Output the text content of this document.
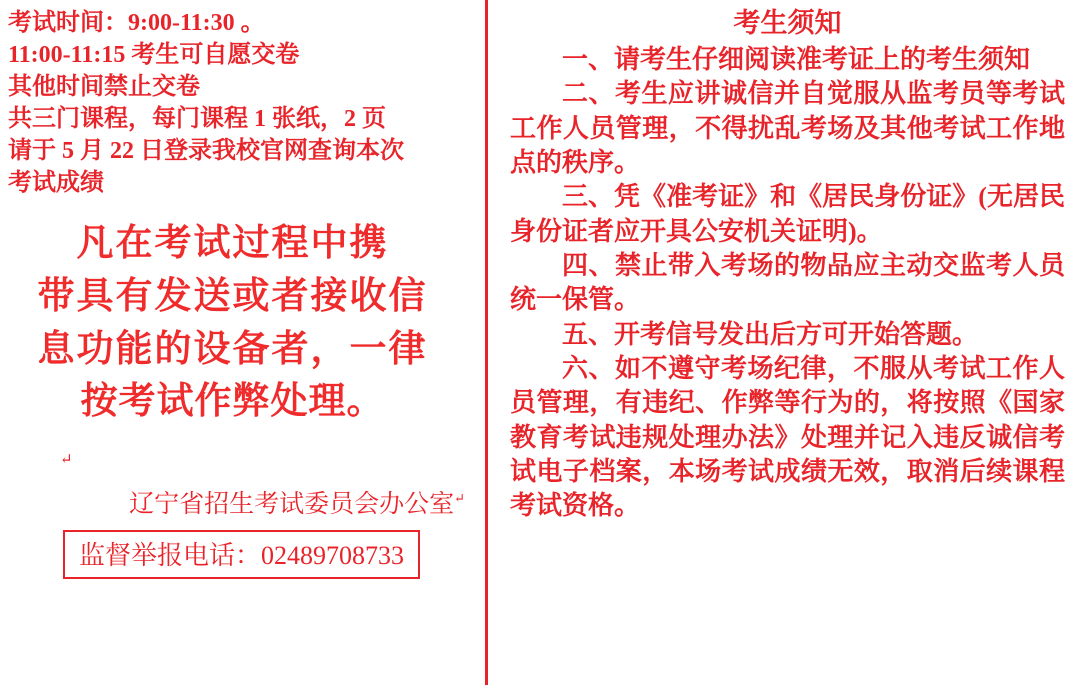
考试时间：9:00-11:30 。
11:00-11:15 考生可自愿交卷
其他时间禁止交卷
共三门课程，每门课程 1 张纸，2 页
请于 5 月 22 日登录我校官网查询本次
考试成绩
凡在考试过程中携
带具有发送或者接收信
息功能的设备者，一律
按考试作弊处理。
↵
辽宁省招生考试委员会办公室↵
监督举报电话：02489708733
考生须知

一、请考生仔细阅读准考证上的考生须知

二、考生应讲诚信并自觉服从监考员等考试工作人员管理，不得扰乱考场及其他考试工作地点的秩序。

三、凭《准考证》和《居民身份证》(无居民身份证者应开具公安机关证明)。

四、禁止带入考场的物品应主动交监考人员统一保管。

五、开考信号发出后方可开始答题。

六、如不遵守考场纪律，不服从考试工作人员管理，有违纪、作弊等行为的，将按照《国家教育考试违规处理办法》处理并记入违反诚信考试电子档案，本场考试成绩无效，取消后续课程考试资格。
